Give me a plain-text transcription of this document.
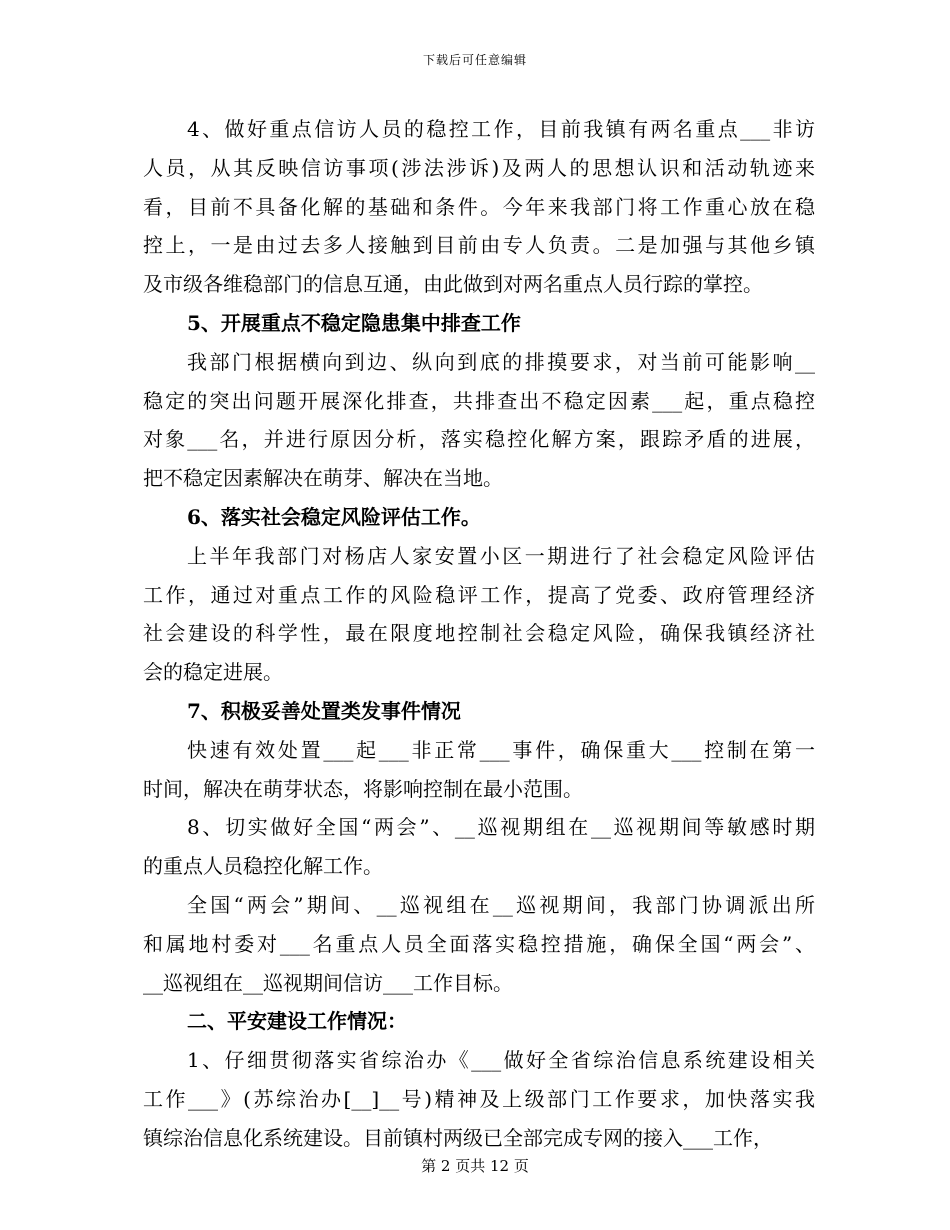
下载后可任意编辑
4、做好重点信访人员的稳控工作，目前我镇有两名重点___非访
人员，从其反映信访事项(涉法涉诉)及两人的思想认识和活动轨迹来
看，目前不具备化解的基础和条件。今年来我部门将工作重心放在稳
控上，一是由过去多人接触到目前由专人负责。二是加强与其他乡镇
及市级各维稳部门的信息互通，由此做到对两名重点人员行踪的掌控。
5、开展重点不稳定隐患集中排查工作
我部门根据横向到边、纵向到底的排摸要求，对当前可能影响__
稳定的突出问题开展深化排查，共排查出不稳定因素___起，重点稳控
对象___名，并进行原因分析，落实稳控化解方案，跟踪矛盾的进展，
把不稳定因素解决在萌芽、解决在当地。
6、落实社会稳定风险评估工作。
上半年我部门对杨店人家安置小区一期进行了社会稳定风险评估
工作，通过对重点工作的风险稳评工作，提高了党委、政府管理经济
社会建设的科学性，最在限度地控制社会稳定风险，确保我镇经济社
会的稳定进展。
7、积极妥善处置类发事件情况
快速有效处置___起___非正常___事件，确保重大___控制在第一
时间，解决在萌芽状态，将影响控制在最小范围。
8、切实做好全国“两会”、__巡视期组在__巡视期间等敏感时期
的重点人员稳控化解工作。
全国“两会”期间、__巡视组在__巡视期间，我部门协调派出所
和属地村委对___名重点人员全面落实稳控措施，确保全国“两会”、
__巡视组在__巡视期间信访___工作目标。
二、平安建设工作情况：
1、仔细贯彻落实省综治办《___做好全省综治信息系统建设相关
工作___》(苏综治办[__]__号)精神及上级部门工作要求，加快落实我
镇综治信息化系统建设。目前镇村两级已全部完成专网的接入___工作，
第 2 页共 12 页
